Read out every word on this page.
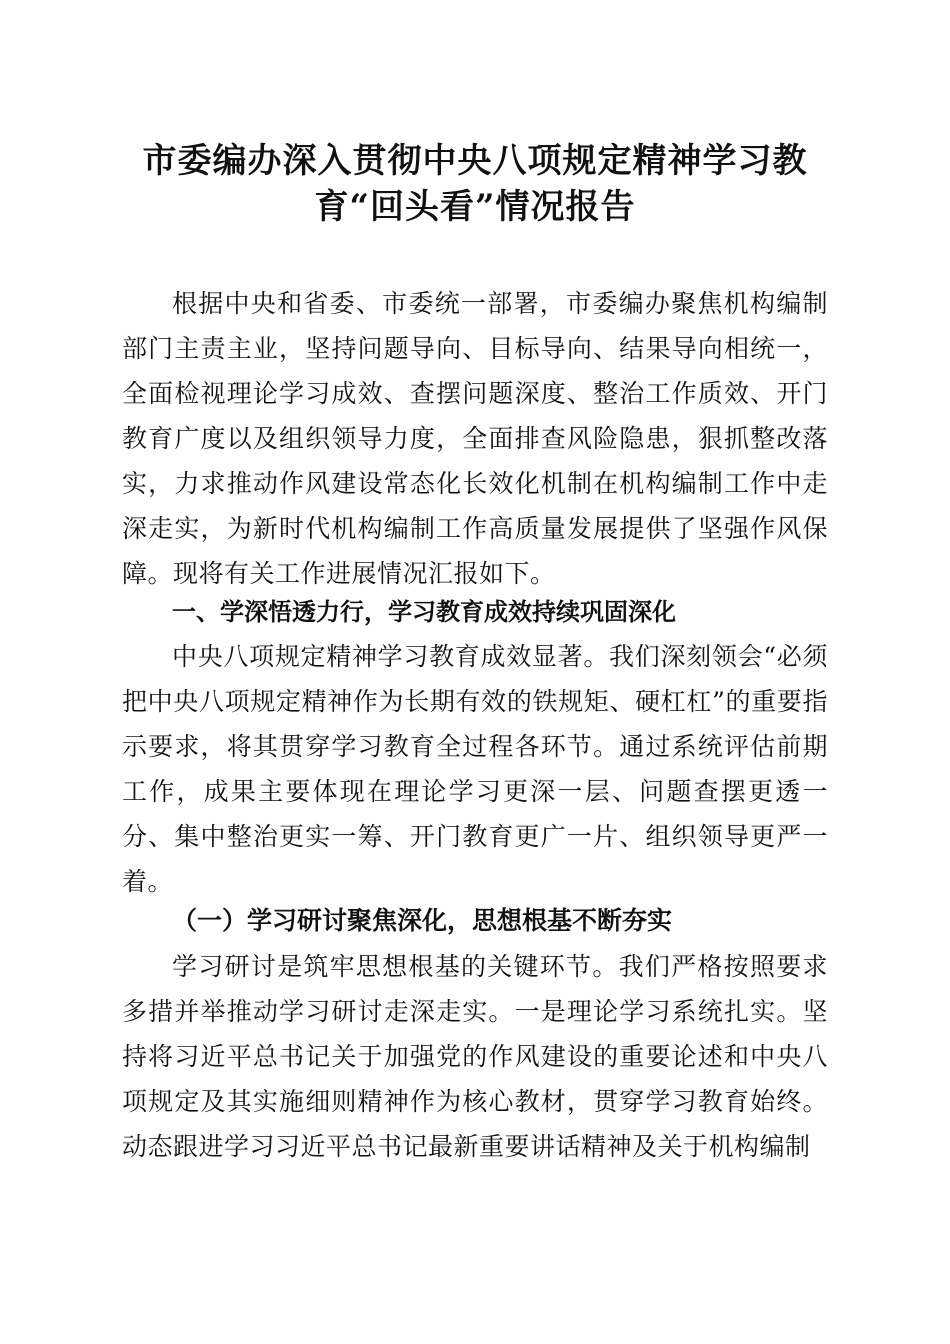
市委编办深入贯彻中央八项规定精神学习教育“回头看”情况报告

根据中央和省委、市委统一部署，市委编办聚焦机构编制部门主责主业，坚持问题导向、目标导向、结果导向相统一，全面检视理论学习成效、查摆问题深度、整治工作质效、开门教育广度以及组织领导力度，全面排查风险隐患，狠抓整改落实，力求推动作风建设常态化长效化机制在机构编制工作中走深走实，为新时代机构编制工作高质量发展提供了坚强作风保障。现将有关工作进展情况汇报如下。

一、学深悟透力行，学习教育成效持续巩固深化

中央八项规定精神学习教育成效显著。我们深刻领会“必须把中央八项规定精神作为长期有效的铁规矩、硬杠杠”的重要指示要求，将其贯穿学习教育全过程各环节。通过系统评估前期工作，成果主要体现在理论学习更深一层、问题查摆更透一分、集中整治更实一筹、开门教育更广一片、组织领导更严一着。

（一）学习研讨聚焦深化，思想根基不断夯实

学习研讨是筑牢思想根基的关键环节。我们严格按照要求多措并举推动学习研讨走深走实。一是理论学习系统扎实。坚持将习近平总书记关于加强党的作风建设的重要论述和中央八项规定及其实施细则精神作为核心教材，贯穿学习教育始终。动态跟进学习习近平总书记最新重要讲话精神及关于机构编制
